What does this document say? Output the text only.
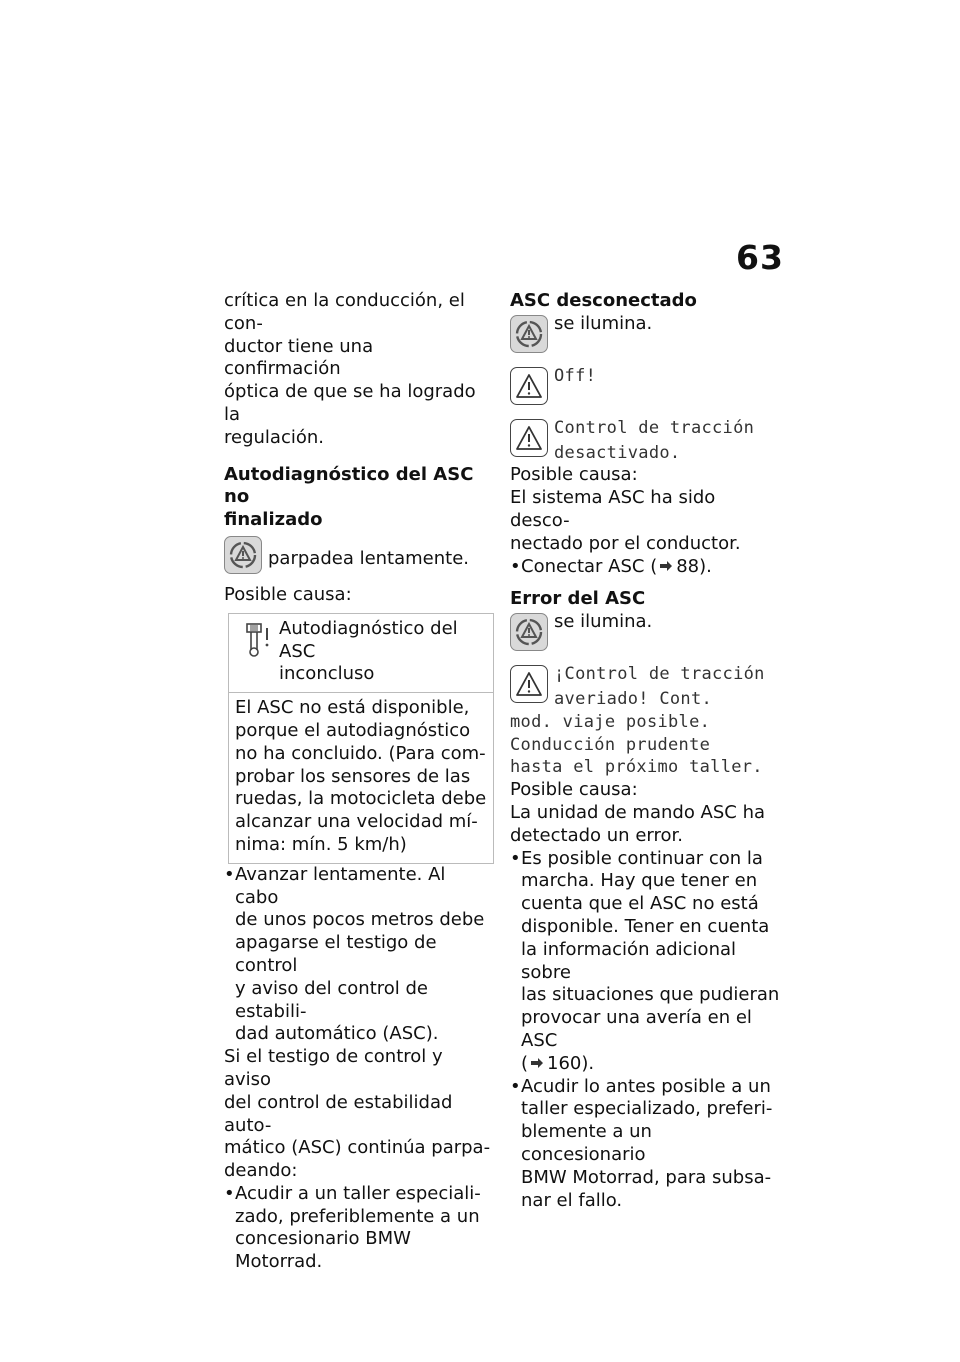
63

crítica en la conducción, el con-

ductor tiene una confirmación

óptica de que se ha logrado la

regulación.

Autodiagnóstico del ASC no

finalizado

parpadea lentamente.

Posible causa:

Autodiagnóstico del ASC

inconcluso

El ASC no está disponible,

porque el autodiagnóstico

no ha concluido. (Para com-

probar los sensores de las

ruedas, la motocicleta debe

alcanzar una velocidad mí-

nima: mín. 5 km/h)

• Avanzar lentamente. Al cabo

de unos pocos metros debe

apagarse el testigo de control

y aviso del control de estabili-

dad automático (ASC).

Si el testigo de control y aviso

del control de estabilidad auto-

mático (ASC) continúa parpa-

deando:

• Acudir a un taller especiali-

zado, preferiblemente a un

concesionario BMW Motorrad.

ASC desconectado

se ilumina.
Off!
Control de tracción
desactivado.

Posible causa:

El sistema ASC ha sido desco-

nectado por el conductor.

• Conectar ASC ( 88).

Error del ASC

se ilumina.
¡Control de tracción
averiado! Cont.
mod. viaje posible.
Conducción prudente
hasta el próximo taller.

Posible causa:

La unidad de mando ASC ha

detectado un error.

• Es posible continuar con la

marcha. Hay que tener en

cuenta que el ASC no está

disponible. Tener en cuenta

la información adicional sobre

las situaciones que pudieran

provocar una avería en el ASC

( 160).

• Acudir lo antes posible a un

taller especializado, preferi-

blemente a un concesionario

BMW Motorrad, para subsa-

nar el fallo.
